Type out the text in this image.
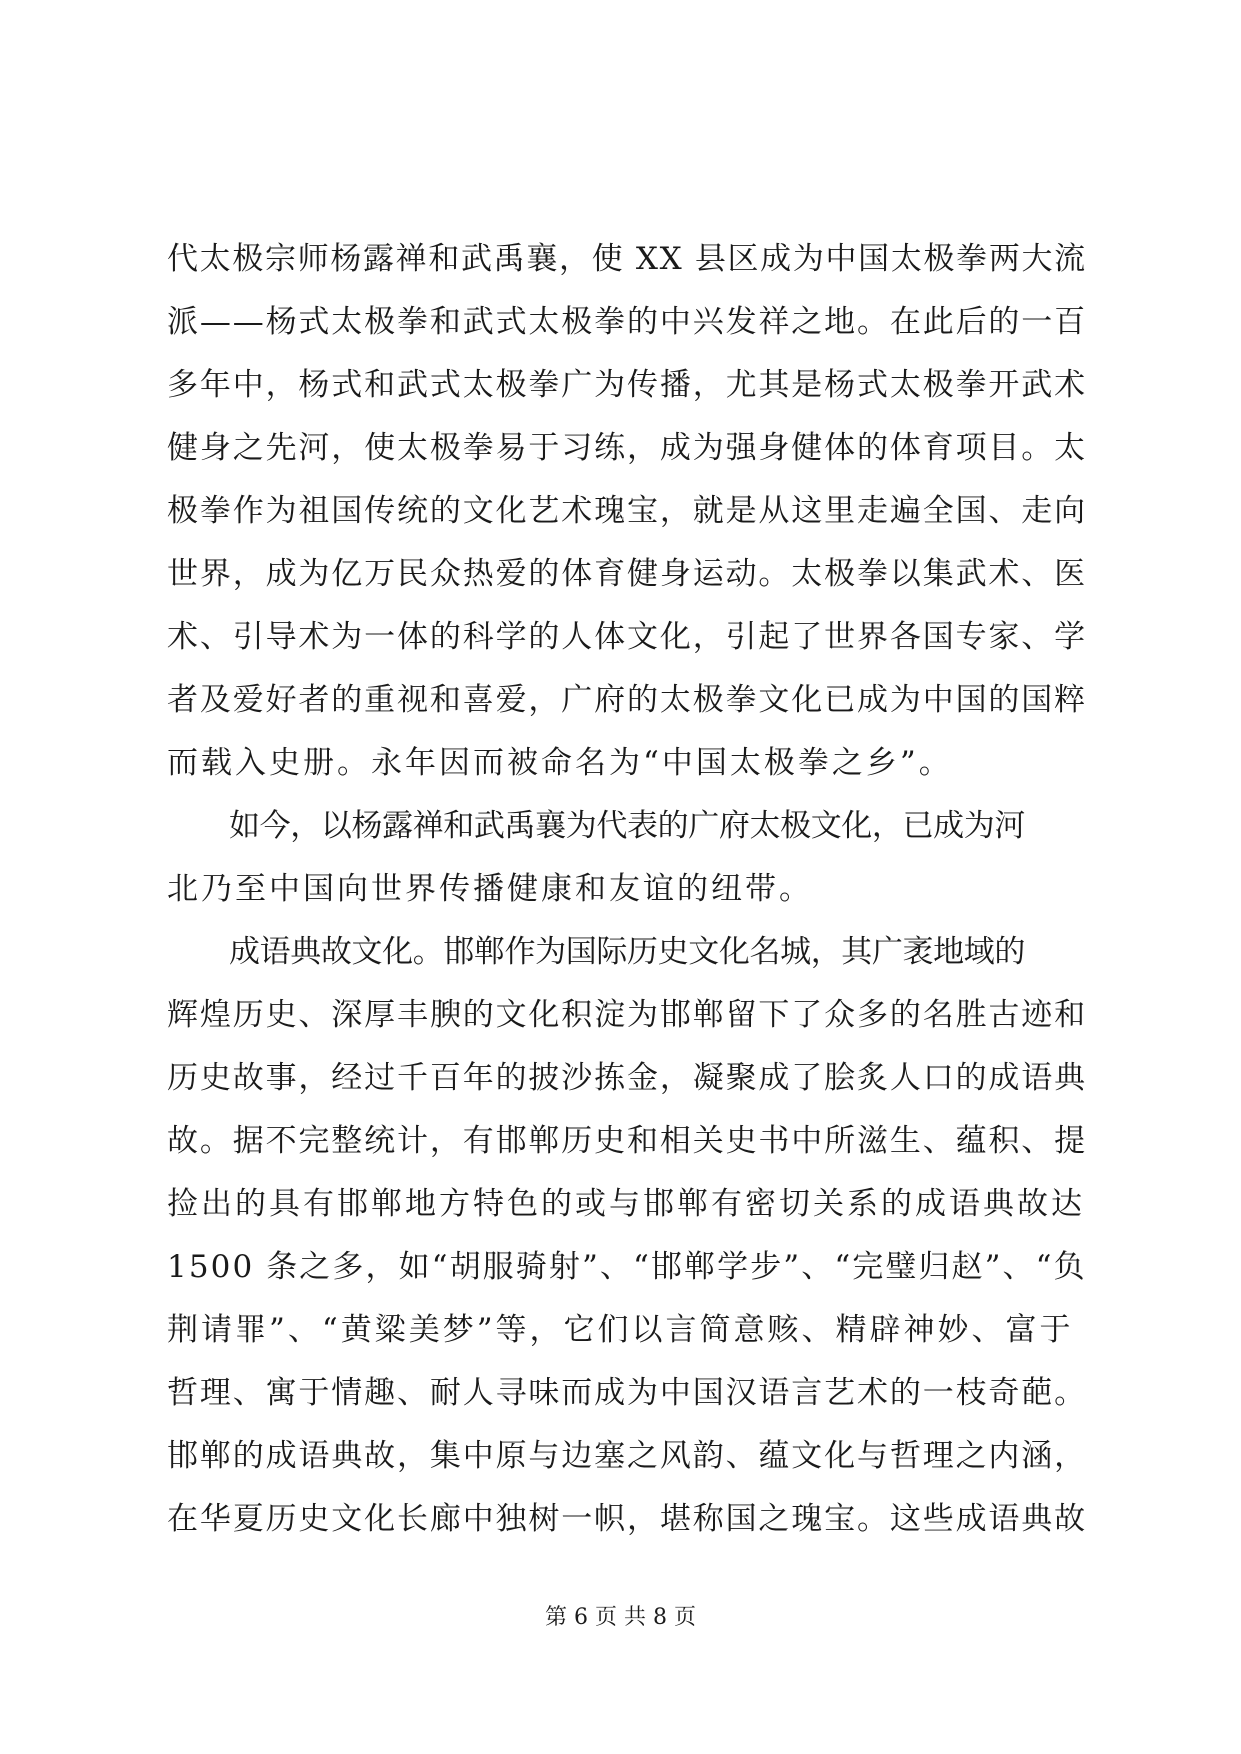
代太极宗师杨露禅和武禹襄，使 XX 县区成为中国太极拳两大流
派——杨式太极拳和武式太极拳的中兴发祥之地。在此后的一百
多年中，杨式和武式太极拳广为传播，尤其是杨式太极拳开武术
健身之先河，使太极拳易于习练，成为强身健体的体育项目。太
极拳作为祖国传统的文化艺术瑰宝，就是从这里走遍全国、走向
世界，成为亿万民众热爱的体育健身运动。太极拳以集武术、医
术、引导术为一体的科学的人体文化，引起了世界各国专家、学
者及爱好者的重视和喜爱，广府的太极拳文化已成为中国的国粹
而载入史册。永年因而被命名为“中国太极拳之乡”。
如今，以杨露禅和武禹襄为代表的广府太极文化，已成为河
北乃至中国向世界传播健康和友谊的纽带。
成语典故文化。邯郸作为国际历史文化名城，其广袤地域的
辉煌历史、深厚丰腴的文化积淀为邯郸留下了众多的名胜古迹和
历史故事，经过千百年的披沙拣金，凝聚成了脍炙人口的成语典
故。据不完整统计，有邯郸历史和相关史书中所滋生、蕴积、提
捡出的具有邯郸地方特色的或与邯郸有密切关系的成语典故达
1500 条之多，如“胡服骑射”、“邯郸学步”、“完璧归赵”、“负
荆请罪”、“黄粱美梦”等，它们以言简意赅、精辟神妙、富于
哲理、寓于情趣、耐人寻味而成为中国汉语言艺术的一枝奇葩。
邯郸的成语典故，集中原与边塞之风韵、蕴文化与哲理之内涵，
在华夏历史文化长廊中独树一帜，堪称国之瑰宝。这些成语典故
第 6 页 共 8 页
